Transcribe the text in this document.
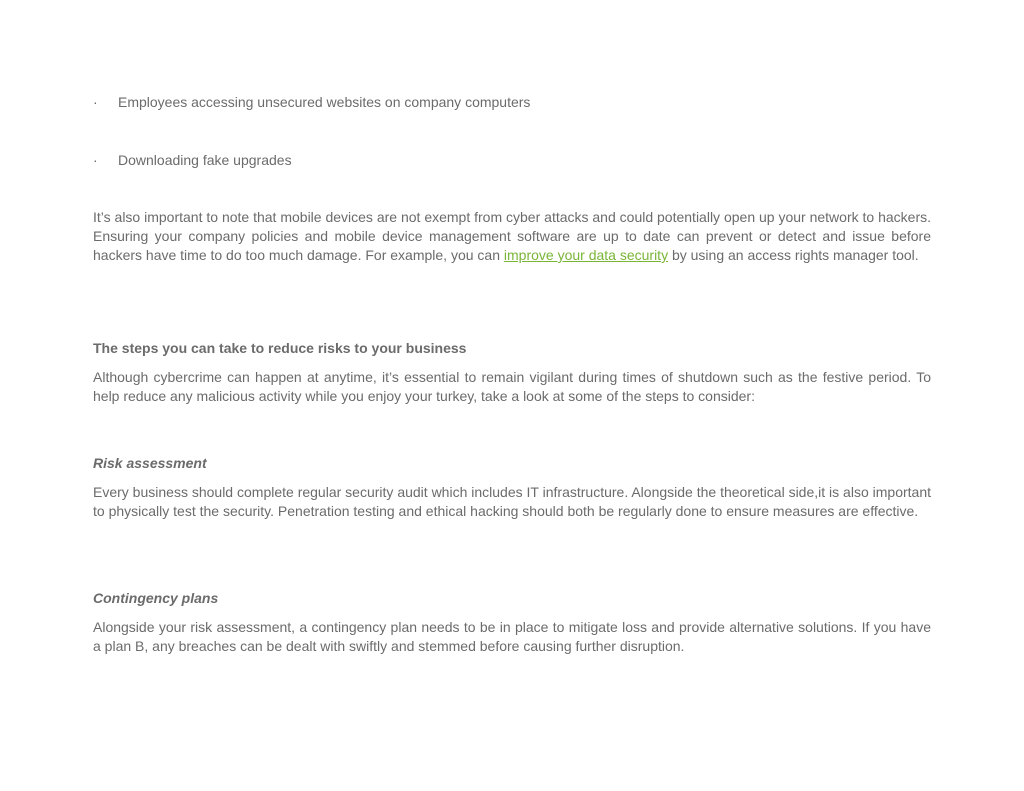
· Employees accessing unsecured websites on company computers
· Downloading fake upgrades

It’s also important to note that mobile devices are not exempt from cyber attacks and could potentially open up your network to hackers. Ensuring your company policies and mobile device management software are up to date can prevent or detect and issue before hackers have time to do too much damage. For example, you can improve your data security by using an access rights manager tool.

The steps you can take to reduce risks to your business

Although cybercrime can happen at anytime, it’s essential to remain vigilant during times of shutdown such as the festive period. To help reduce any malicious activity while you enjoy your turkey, take a look at some of the steps to consider:

Risk assessment

Every business should complete regular security audit which includes IT infrastructure. Alongside the theoretical side,it is also important to physically test the security. Penetration testing and ethical hacking should both be regularly done to ensure measures are effective.

Contingency plans

Alongside your risk assessment, a contingency plan needs to be in place to mitigate loss and provide alternative solutions. If you have a plan B, any breaches can be dealt with swiftly and stemmed before causing further disruption.
